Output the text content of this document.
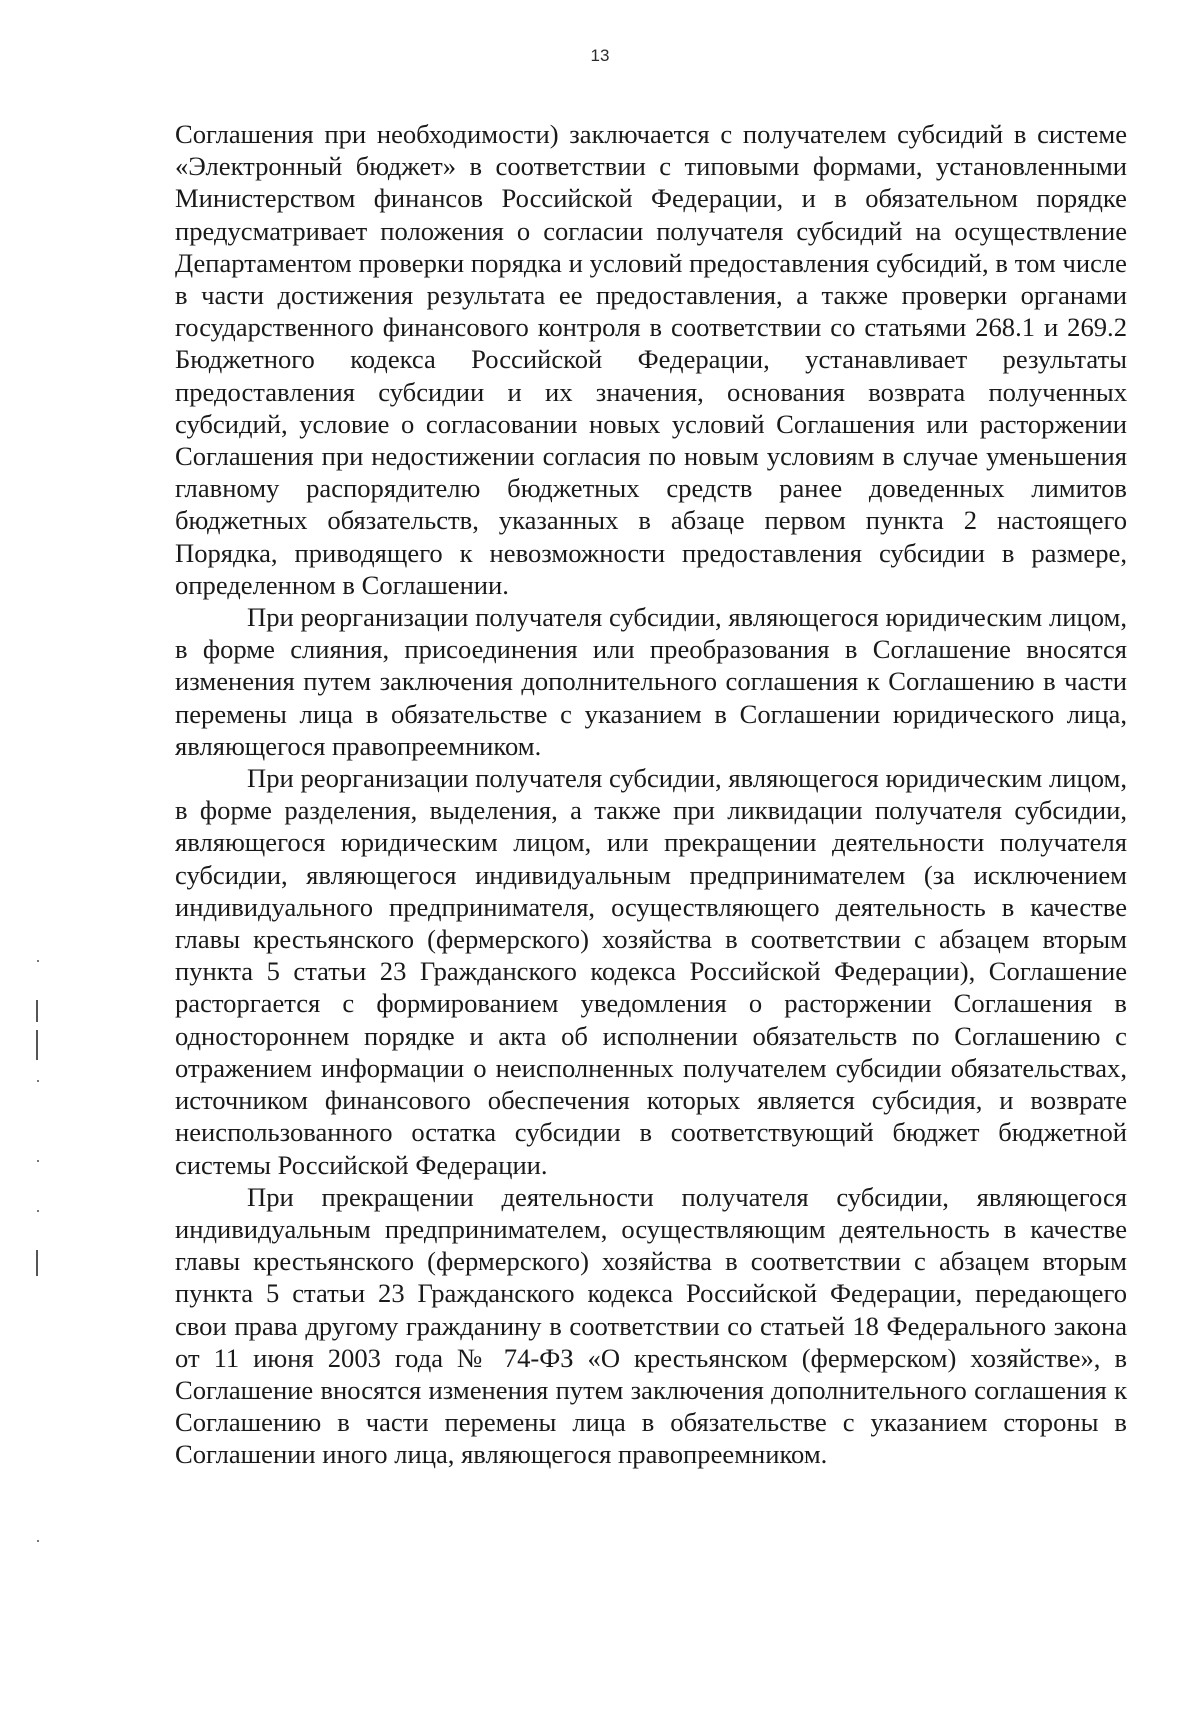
13

Соглашения при необходимости) заключается с получателем субсидий в системе «Электронный бюджет» в соответствии с типовыми формами, установленными Министерством финансов Российской Федерации, и в обязательном порядке предусматривает положения о согласии получателя субсидий на осуществление Департаментом проверки порядка и условий предоставления субсидий, в том числе в части достижения результата ее предоставления, а также проверки органами государственного финансового контроля в соответствии со статьями 268.1 и 269.2 Бюджетного кодекса Российской Федерации, устанавливает результаты предоставления субсидии и их значения, основания возврата полученных субсидий, условие о согласовании новых условий Соглашения или расторжении Соглашения при недостижении согласия по новым условиям в случае уменьшения главному распорядителю бюджетных средств ранее доведенных лимитов бюджетных обязательств, указанных в абзаце первом пункта 2 настоящего Порядка, приводящего к невозможности предоставления субсидии в размере, определенном в Соглашении.

При реорганизации получателя субсидии, являющегося юридическим лицом, в форме слияния, присоединения или преобразования в Соглашение вносятся изменения путем заключения дополнительного соглашения к Соглашению в части перемены лица в обязательстве с указанием в Соглашении юридического лица, являющегося правопреемником.

При реорганизации получателя субсидии, являющегося юридическим лицом, в форме разделения, выделения, а также при ликвидации получателя субсидии, являющегося юридическим лицом, или прекращении деятельности получателя субсидии, являющегося индивидуальным предпринимателем (за исключением индивидуального предпринимателя, осуществляющего деятельность в качестве главы крестьянского (фермерского) хозяйства в соответствии с абзацем вторым пункта 5 статьи 23 Гражданского кодекса Российской Федерации), Соглашение расторгается с формированием уведомления о расторжении Соглашения в одностороннем порядке и акта об исполнении обязательств по Соглашению с отражением информации о неисполненных получателем субсидии обязательствах, источником финансового обеспечения которых является субсидия, и возврате неиспользованного остатка субсидии в соответствующий бюджет бюджетной системы Российской Федерации.

При прекращении деятельности получателя субсидии, являющегося индивидуальным предпринимателем, осуществляющим деятельность в качестве главы крестьянского (фермерского) хозяйства в соответствии с абзацем вторым пункта 5 статьи 23 Гражданского кодекса Российской Федерации, передающего свои права другому гражданину в соответствии со статьей 18 Федерального закона от 11 июня 2003 года № 74-ФЗ «О крестьянском (фермерском) хозяйстве», в Соглашение вносятся изменения путем заключения дополнительного соглашения к Соглашению в части перемены лица в обязательстве с указанием стороны в Соглашении иного лица, являющегося правопреемником.
